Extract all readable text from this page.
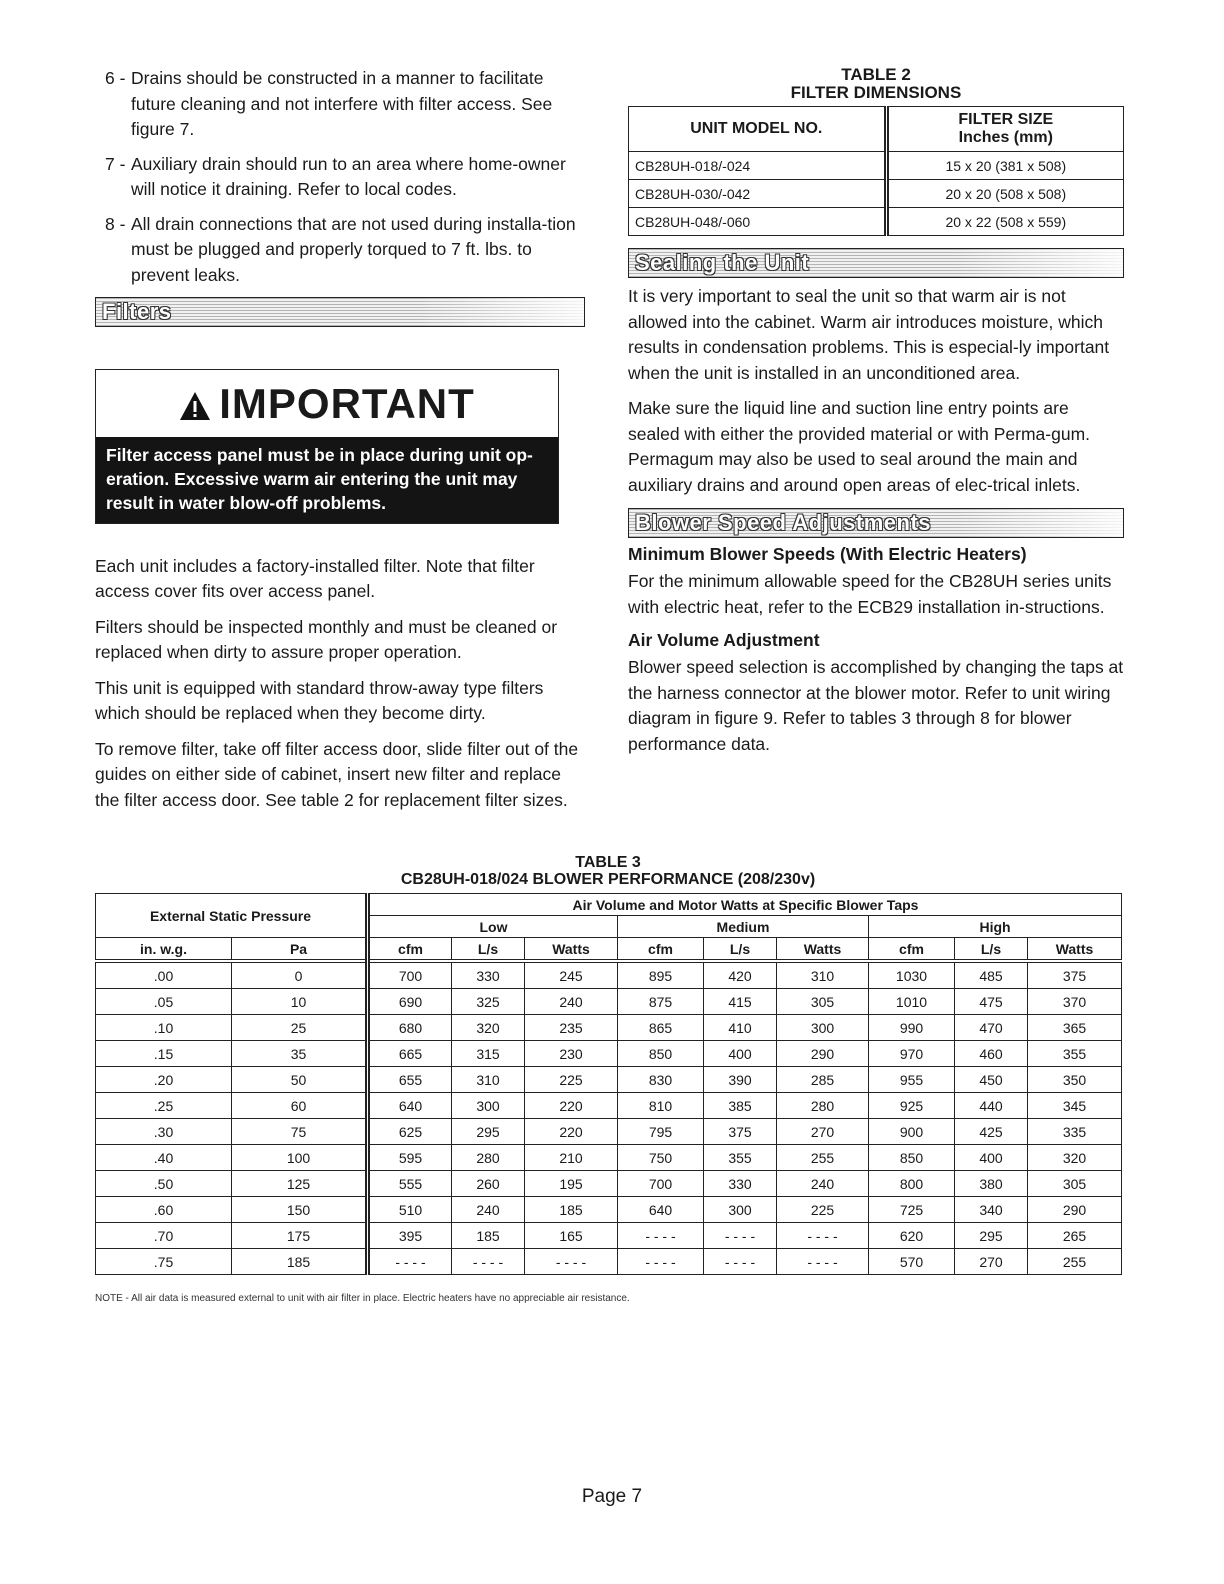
6 - Drains should be constructed in a manner to facilitate future cleaning and not interfere with filter access. See figure 7.
7 - Auxiliary drain should run to an area where home-owner will notice it draining. Refer to local codes.
8 - All drain connections that are not used during installa-tion must be plugged and properly torqued to 7 ft. lbs. to prevent leaks.
Filters
IMPORTANT
Filter access panel must be in place during unit op-eration. Excessive warm air entering the unit may result in water blow-off problems.

Each unit includes a factory-installed filter. Note that filter access cover fits over access panel.

Filters should be inspected monthly and must be cleaned or replaced when dirty to assure proper operation.

This unit is equipped with standard throw-away type filters which should be replaced when they become dirty.

To remove filter, take off filter access door, slide filter out of the guides on either side of cabinet, insert new filter and replace the filter access door. See table 2 for replacement filter sizes.

TABLE 2
FILTER DIMENSIONS
UNIT MODEL NO.	FILTER SIZE
Inches (mm)

CB28UH-018/-024	15 x 20 (381 x 508)
CB28UH-030/-042	20 x 20 (508 x 508)
CB28UH-048/-060	20 x 22 (508 x 559)
Sealing the Unit

It is very important to seal the unit so that warm air is not allowed into the cabinet. Warm air introduces moisture, which results in condensation problems. This is especial-ly important when the unit is installed in an unconditioned area.

Make sure the liquid line and suction line entry points are sealed with either the provided material or with Perma-gum. Permagum may also be used to seal around the main and auxiliary drains and around open areas of elec-trical inlets.

Blower Speed Adjustments
Minimum Blower Speeds (With Electric Heaters)

For the minimum allowable speed for the CB28UH series units with electric heat, refer to the ECB29 installation in-structions.

Air Volume Adjustment

Blower speed selection is accomplished by changing the taps at the harness connector at the blower motor. Refer to unit wiring diagram in figure 9. Refer to tables 3 through 8 for blower performance data.

TABLE 3
CB28UH-018/024 BLOWER PERFORMANCE (208/230v)
External Static Pressure		Air Volume and Motor Watts at Specific Blower Taps								
		Low			Medium			High		
in. w.g.	Pa	cfm	L/s	Watts	cfm	L/s	Watts	cfm	L/s	Watts
.00	0	700	330	245	895	420	310	1030	485	375
.05	10	690	325	240	875	415	305	1010	475	370
.10	25	680	320	235	865	410	300	990	470	365
.15	35	665	315	230	850	400	290	970	460	355
.20	50	655	310	225	830	390	285	955	450	350
.25	60	640	300	220	810	385	280	925	440	345
.30	75	625	295	220	795	375	270	900	425	335
.40	100	595	280	210	750	355	255	850	400	320
.50	125	555	260	195	700	330	240	800	380	305
.60	150	510	240	185	640	300	225	725	340	290
.70	175	395	185	165	- - - -	- - - -	- - - -	620	295	265
.75	185	- - - -	- - - -	- - - -	- - - -	- - - -	- - - -	570	270	255
NOTE - All air data is measured external to unit with air filter in place. Electric heaters have no appreciable air resistance.
Page 7
